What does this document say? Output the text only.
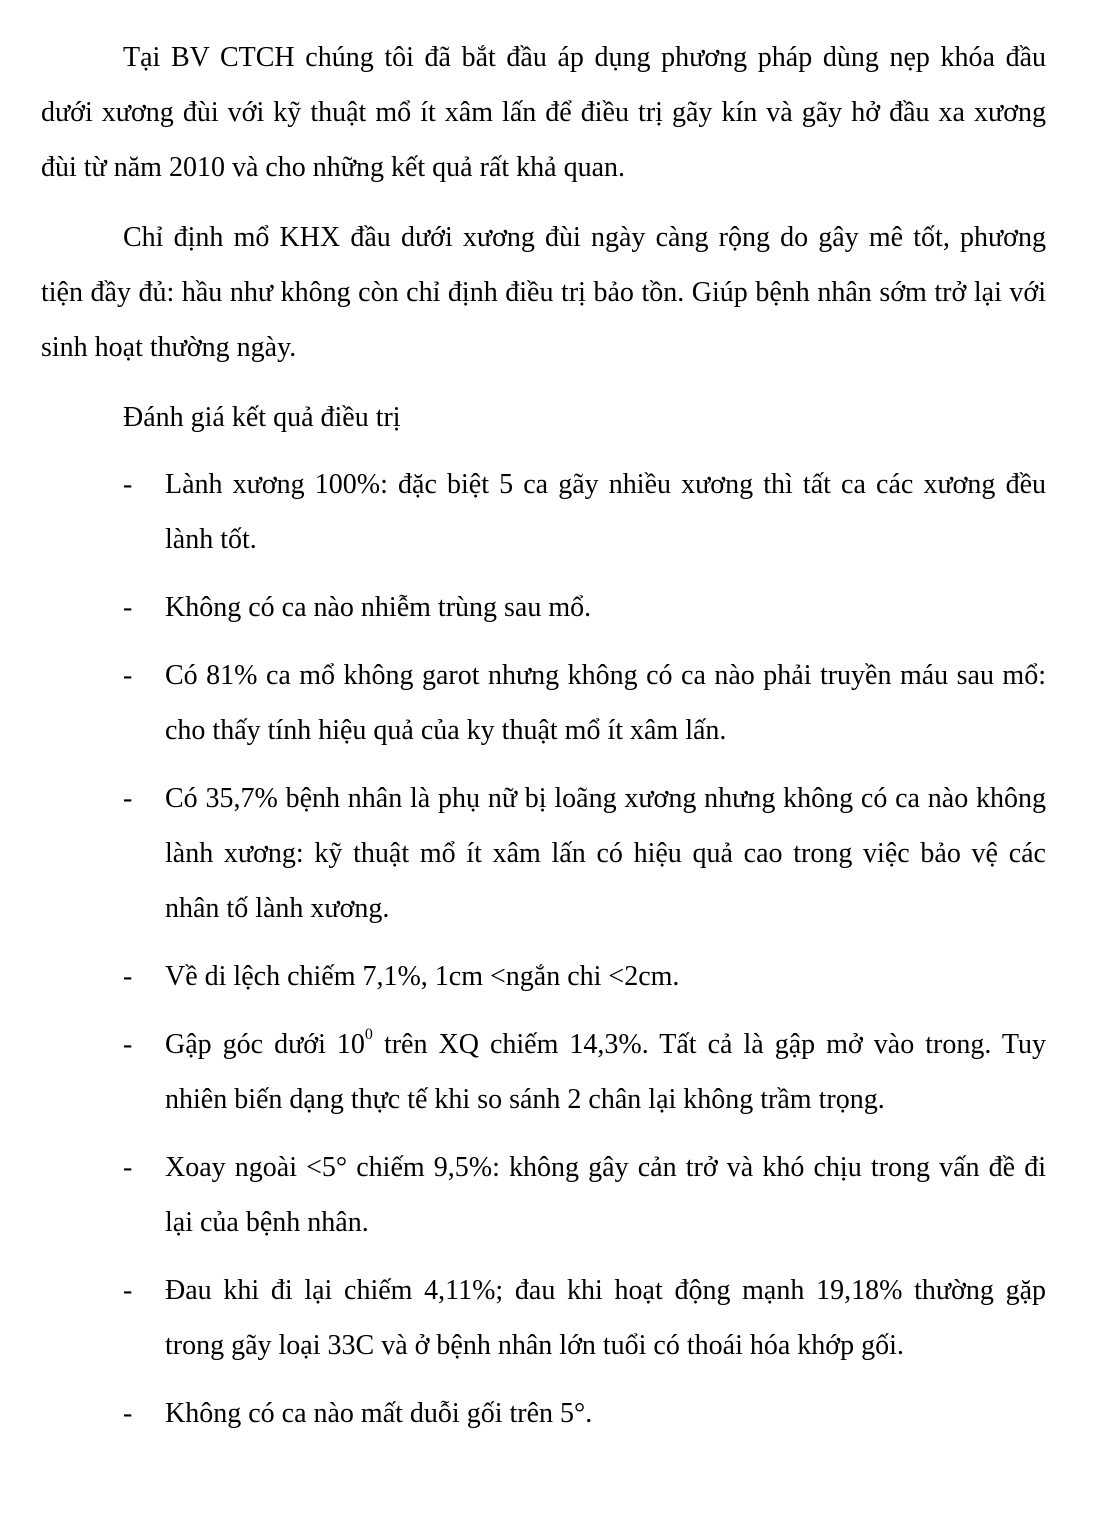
Tại BV CTCH chúng tôi đã bắt đầu áp dụng phương pháp dùng nẹp khóa đầu dưới xương đùi với kỹ thuật mổ ít xâm lấn để điều trị gãy kín và gãy hở đầu xa xương đùi từ năm 2010 và cho những kết quả rất khả quan.

Chỉ định mổ KHX đầu dưới xương đùi ngày càng rộng do gây mê tốt, phương tiện đầy đủ: hầu như không còn chỉ định điều trị bảo tồn. Giúp bệnh nhân sớm trở lại với sinh hoạt thường ngày.

Đánh giá kết quả điều trị

- Lành xương 100%: đặc biệt 5 ca gãy nhiều xương thì tất ca các xương đều lành tốt.
- Không có ca nào nhiễm trùng sau mổ.
- Có 81% ca mổ không garot nhưng không có ca nào phải truyền máu sau mổ: cho thấy tính hiệu quả của ky thuật mổ ít xâm lấn.
- Có 35,7% bệnh nhân là phụ nữ bị loãng xương nhưng không có ca nào không lành xương: kỹ thuật mổ ít xâm lấn có hiệu quả cao trong việc bảo vệ các nhân tố lành xương.
- Về di lệch chiếm 7,1%, 1cm <ngắn chi <2cm.
- Gập góc dưới $10^0$ trên XQ chiếm 14,3%. Tất cả là gập mở vào trong. Tuy nhiên biến dạng thực tế khi so sánh 2 chân lại không trầm trọng.
- Xoay ngoài <5° chiếm 9,5%: không gây cản trở và khó chịu trong vấn đề đi lại của bệnh nhân.
- Đau khi đi lại chiếm 4,11%; đau khi hoạt động mạnh 19,18% thường gặp trong gãy loại 33C và ở bệnh nhân lớn tuổi có thoái hóa khớp gối.
- Không có ca nào mất duỗi gối trên 5°.
